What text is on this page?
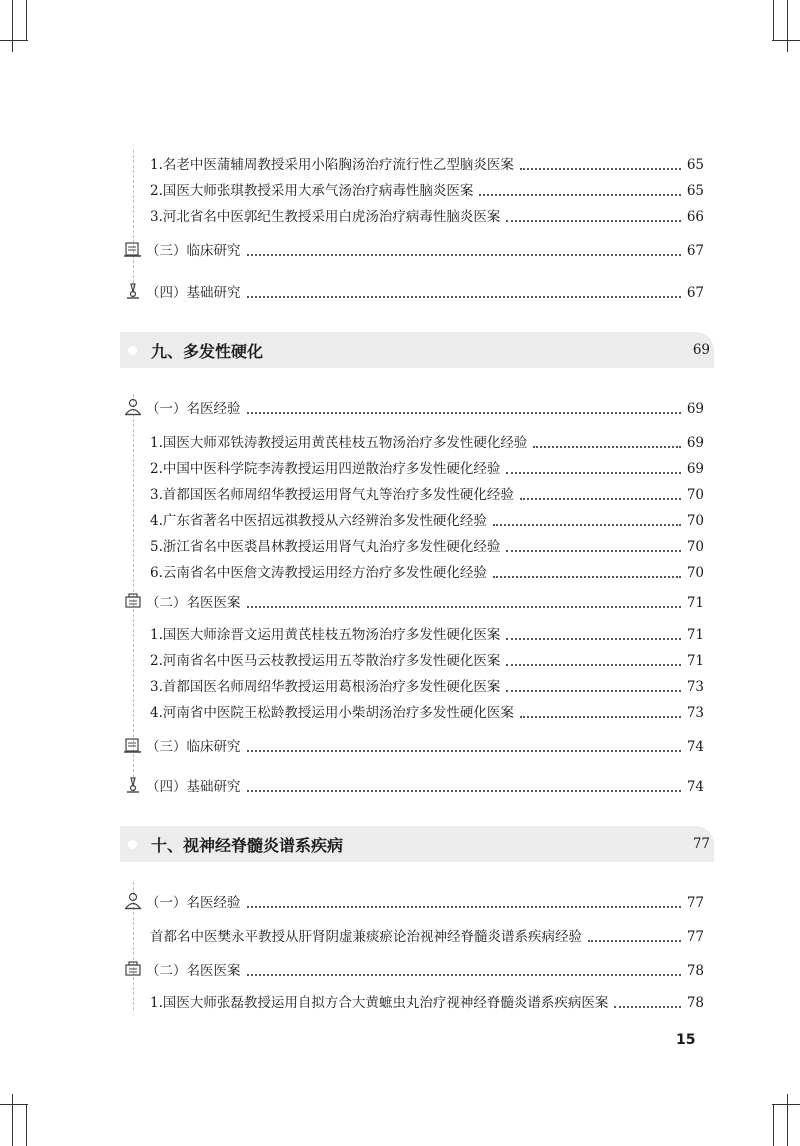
1.名老中医蒲辅周教授采用小陷胸汤治疗流行性乙型脑炎医案	65
2.国医大师张琪教授采用大承气汤治疗病毒性脑炎医案	65
3.河北省名中医郭纪生教授采用白虎汤治疗病毒性脑炎医案	66
（三）临床研究	67
（四）基础研究	67
九、多发性硬化	69
（一）名医经验	69
1.国医大师邓铁涛教授运用黄芪桂枝五物汤治疗多发性硬化经验	69
2.中国中医科学院李涛教授运用四逆散治疗多发性硬化经验	69
3.首都国医名师周绍华教授运用肾气丸等治疗多发性硬化经验	70
4.广东省著名中医招远祺教授从六经辨治多发性硬化经验	70
5.浙江省名中医裘昌林教授运用肾气丸治疗多发性硬化经验	70
6.云南省名中医詹文涛教授运用经方治疗多发性硬化经验	70
（二）名医医案	71
1.国医大师涂晋文运用黄芪桂枝五物汤治疗多发性硬化医案	71
2.河南省名中医马云枝教授运用五苓散治疗多发性硬化医案	71
3.首都国医名师周绍华教授运用葛根汤治疗多发性硬化医案	73
4.河南省中医院王松龄教授运用小柴胡汤治疗多发性硬化医案	73
（三）临床研究	74
（四）基础研究	74
十、视神经脊髓炎谱系疾病	77
（一）名医经验	77
首都名中医樊永平教授从肝肾阴虚兼痰瘀论治视神经脊髓炎谱系疾病经验	77
（二）名医医案	78
1.国医大师张磊教授运用自拟方合大黄蟅虫丸治疗视神经脊髓炎谱系疾病医案	78
15
